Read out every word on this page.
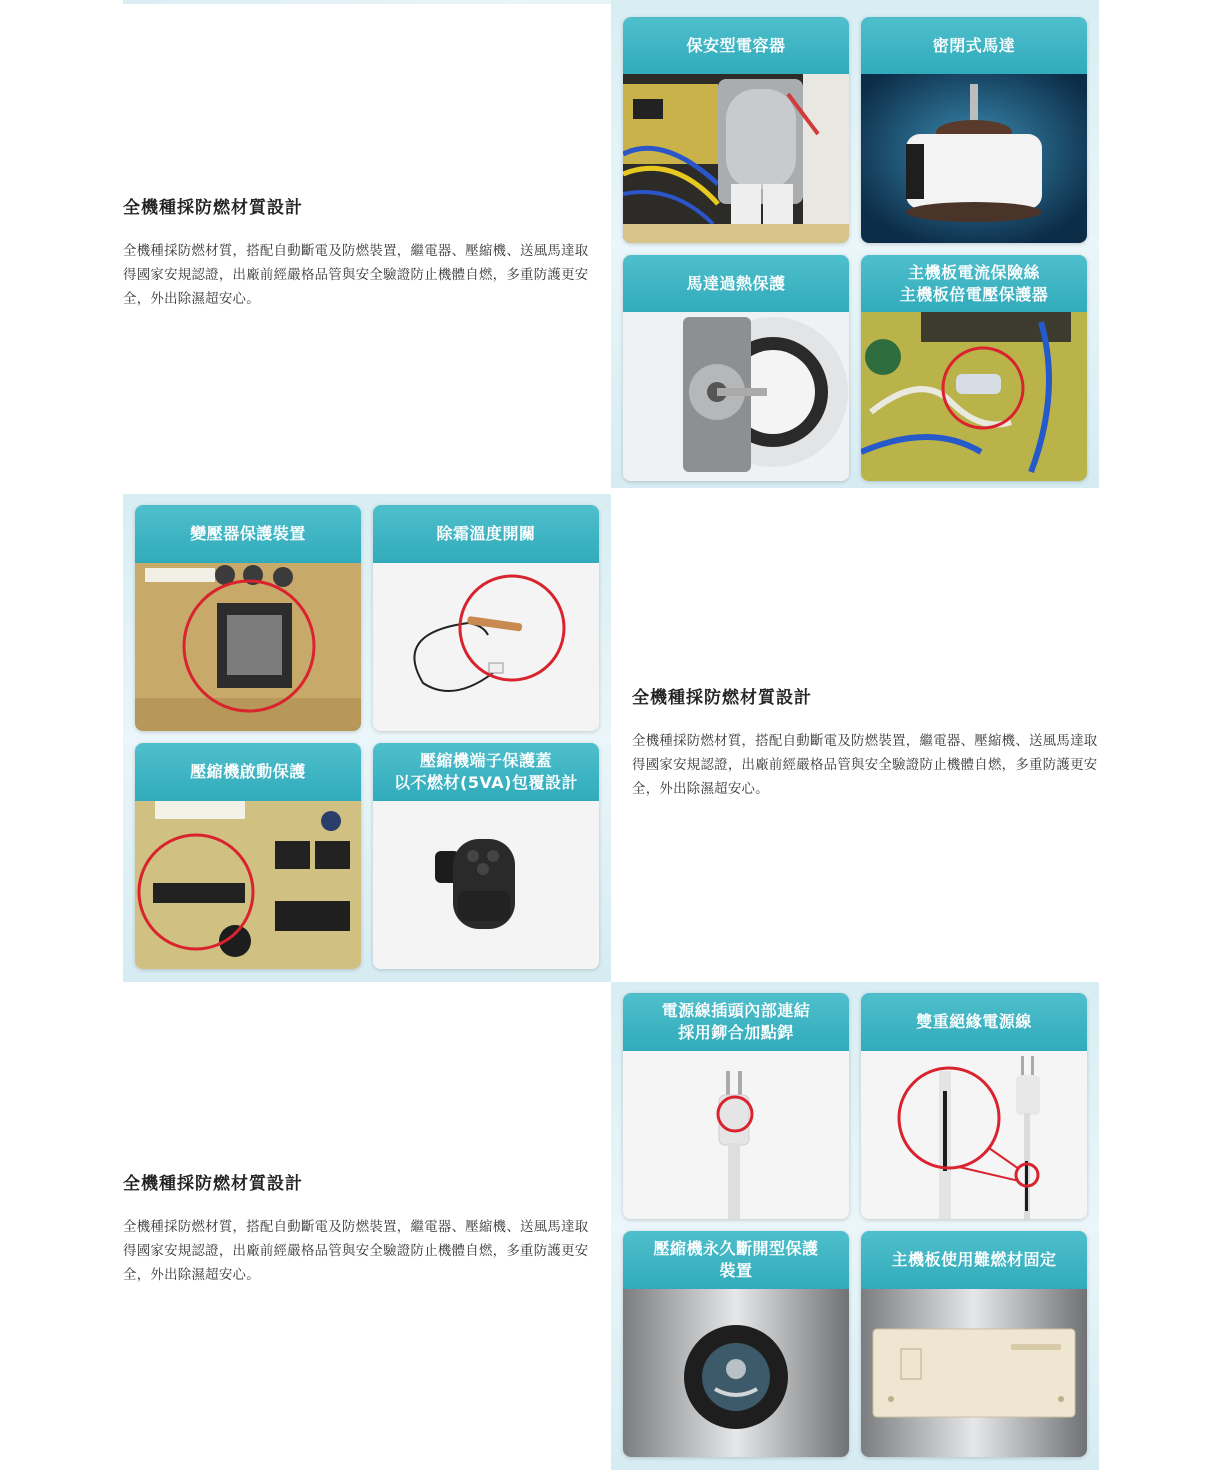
全機種採防燃材質設計

全機種採防燃材質，搭配自動斷電及防燃裝置，繼電器、壓縮機、送風馬達取得國家安規認證，出廠前經嚴格品管與安全驗證防止機體自燃，多重防護更安全，外出除濕超安心。

保安型電容器	密閉式馬達
馬達過熱保護
主機板電流保險絲
主機板倍電壓保護器
變壓器保護裝置	除霜溫度開關
壓縮機啟動保護
壓縮機端子保護蓋
以不燃材(5VA)包覆設計
全機種採防燃材質設計

全機種採防燃材質，搭配自動斷電及防燃裝置，繼電器、壓縮機、送風馬達取得國家安規認證，出廠前經嚴格品管與安全驗證防止機體自燃，多重防護更安全，外出除濕超安心。

全機種採防燃材質設計

全機種採防燃材質，搭配自動斷電及防燃裝置，繼電器、壓縮機、送風馬達取得國家安規認證，出廠前經嚴格品管與安全驗證防止機體自燃，多重防護更安全，外出除濕超安心。

電源線插頭內部連結
採用鉚合加點銲
雙重絕緣電源線
壓縮機永久斷開型保護
裝置
主機板使用難燃材固定
